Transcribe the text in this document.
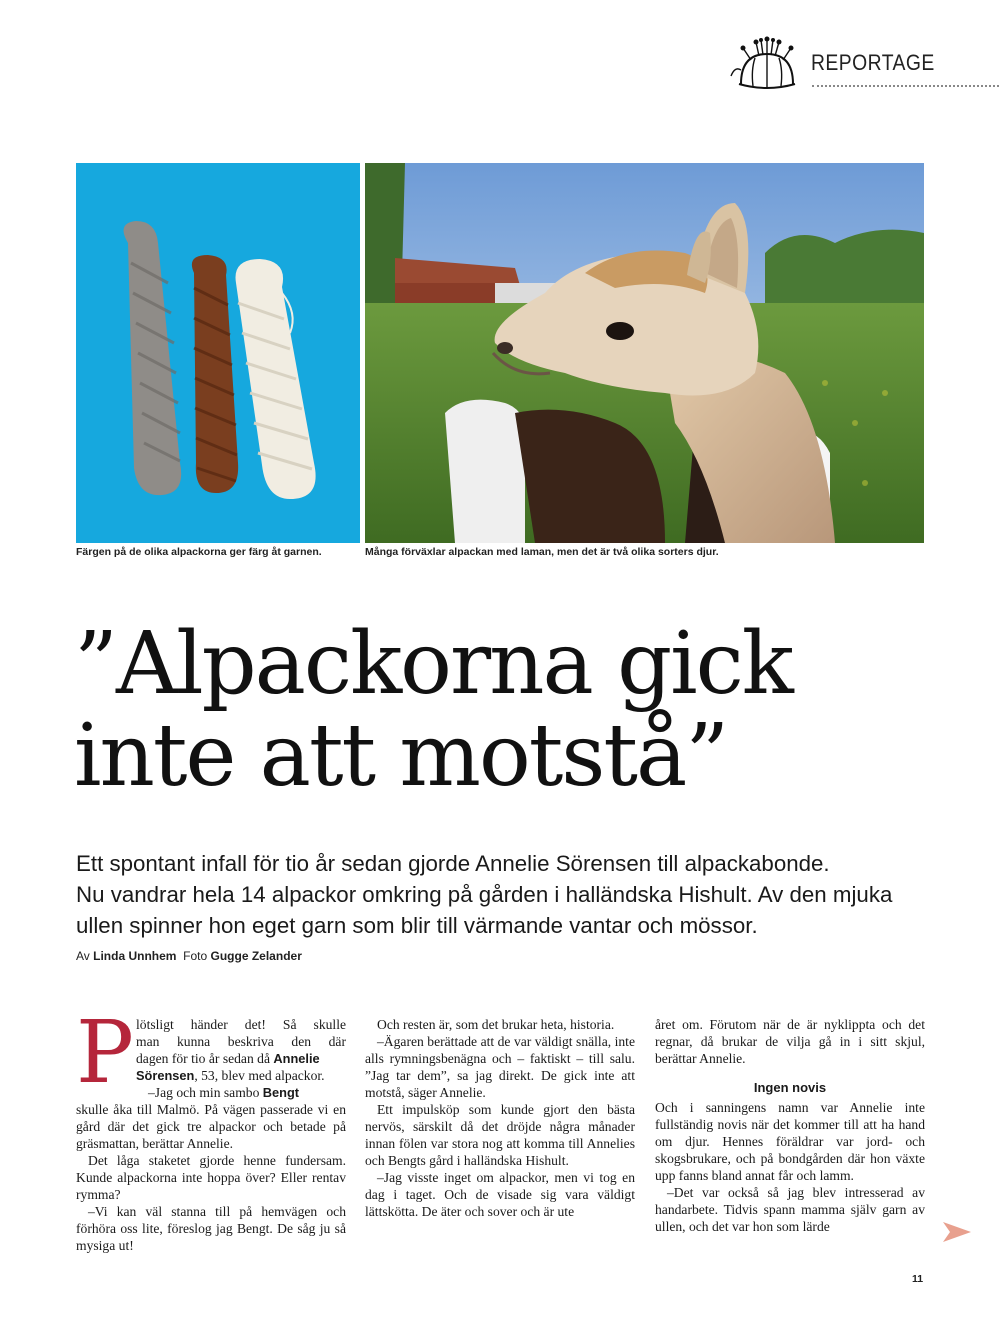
REPORTAGE
Färgen på de olika alpackorna ger färg åt garnen.	Många förväxlar alpackan med laman, men det är två olika sorters djur.
”Alpackorna gick
inte att motstå”
Ett spontant infall för tio år sedan gjorde Annelie Sörensen till alpackabonde.
Nu vandrar hela 14 alpackor omkring på gården i halländska Hishult. Av den mjuka
ullen spinner hon eget garn som blir till värmande vantar och mössor.
Av Linda Unnhem Foto Gugge Zelander
P lötsligt händer det! Så skulle
man kunna beskriva den där
dagen för tio år sedan då Annelie

Sörensen, 53, blev med alpackor.

–Jag och min sambo Bengt

skulle åka till Malmö. På vägen passerade vi en gård där det gick tre alpackor och betade på gräsmattan, berättar Annelie.

Det låga staketet gjorde henne fundersam. Kunde alpackorna inte hoppa över? Eller rentav rymma?

–Vi kan väl stanna till på hemvägen och förhöra oss lite, föreslog jag Bengt. De såg ju så mysiga ut!

Och resten är, som det brukar heta, historia.

–Ägaren berättade att de var väldigt snälla, inte alls rymningsbenägna och – faktiskt – till salu. ”Jag tar dem”, sa jag direkt. De gick inte att motstå, säger Annelie.

Ett impulsköp som kunde gjort den bästa nervös, särskilt då det dröjde några månader innan fölen var stora nog att komma till Annelies och Bengts gård i halländska Hishult.

–Jag visste inget om alpackor, men vi tog en dag i taget. Och de visade sig vara väldigt lättskötta. De äter och sover och är ute

året om. Förutom när de är nyklippta och det regnar, då brukar de vilja gå in i sitt skjul, berättar Annelie.

Ingen novis

Och i sanningens namn var Annelie inte fullständig novis när det kommer till att ha hand om djur. Hennes föräldrar var jord- och skogsbrukare, och på bondgården där hon växte upp fanns bland annat får och lamm.

–Det var också så jag blev intresserad av handarbete. Tidvis spann mamma själv garn av ullen, och det var hon som lärde

11
